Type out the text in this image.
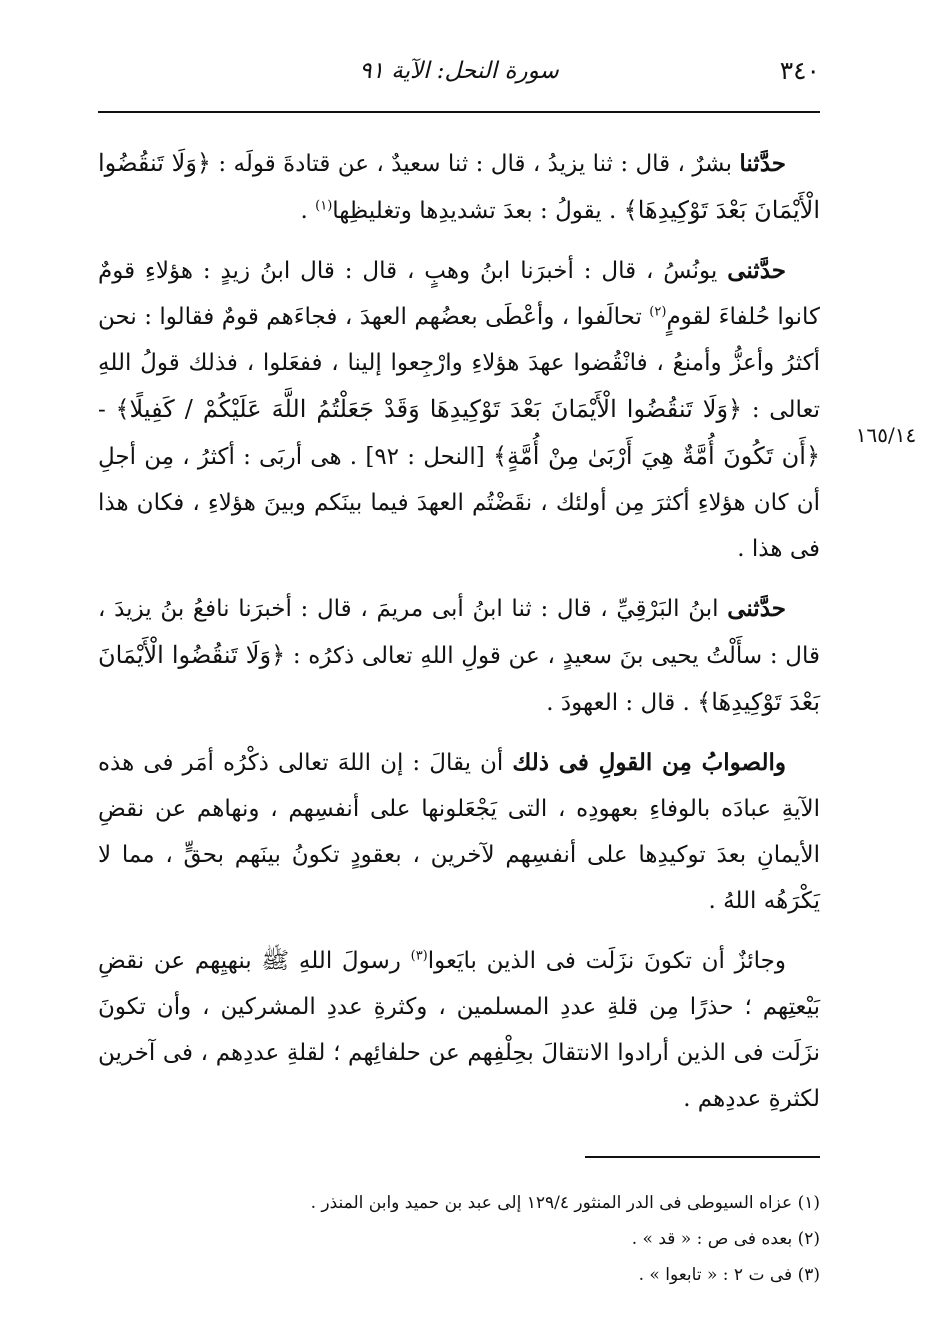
٣٤٠
سورة النحل: الآية ٩١
١٦٥/١٤

حدَّثنا بشرٌ ، قال : ثنا يزيدُ ، قال : ثنا سعيدٌ ، عن قتادةَ قولَه : ﴿وَلَا تَنقُضُوا الْأَيْمَانَ بَعْدَ تَوْكِيدِهَا﴾ . يقولُ : بعدَ تشديدِها وتغليظِها$^{(١)}$ .

حدَّثنى يونُسُ ، قال : أخبرَنا ابنُ وهبٍ ، قال : قال ابنُ زيدٍ : هؤلاءِ قومٌ كانوا حُلفاءَ لقومٍ$^{(٢)}$ تحالَفوا ، وأعْطَى بعضُهم العهدَ ، فجاءَهم قومٌ فقالوا : نحن أكثرُ وأعزُّ وأمنعُ ، فانْقُضوا عهدَ هؤلاءِ وارْجِعوا إلينا ، ففعَلوا ، فذلك قولُ اللهِ تعالى : ﴿وَلَا تَنقُضُوا الْأَيْمَانَ بَعْدَ تَوْكِيدِهَا وَقَدْ جَعَلْتُمُ اللَّهَ عَلَيْكُمْ / كَفِيلًا﴾ - ﴿أَن تَكُونَ أُمَّةٌ هِيَ أَرْبَىٰ مِنْ أُمَّةٍ﴾ [النحل : ٩٢] . هى أربَى : أكثرُ ، مِن أجلِ أن كان هؤلاءِ أكثرَ مِن أولئك ، نقَضْتُم العهدَ فيما بينَكم وبينَ هؤلاءِ ، فكان هذا فى هذا .

حدَّثنى ابنُ البَرْقِيِّ ، قال : ثنا ابنُ أبى مريمَ ، قال : أخبرَنا نافعُ بنُ يزيدَ ، قال : سأَلْتُ يحيى بنَ سعيدٍ ، عن قولِ اللهِ تعالى ذكرُه : ﴿وَلَا تَنقُضُوا الْأَيْمَانَ بَعْدَ تَوْكِيدِهَا﴾ . قال : العهودَ .

والصوابُ مِن القولِ فى ذلك أن يقالَ : إن اللهَ تعالى ذكْرُه أمَر فى هذه الآيةِ عبادَه بالوفاءِ بعهودِه ، التى يَجْعَلونها على أنفسِهم ، ونهاهم عن نقضِ الأيمانِ بعدَ توكيدِها على أنفسِهم لآخرين ، بعقودٍ تكونُ بينَهم بحقٍّ ، مما لا يَكْرَهُه اللهُ .

وجائزٌ أن تكونَ نزَلَت فى الذين بايَعوا$^{(٣)}$ رسولَ اللهِ ﷺ بنهيِهم عن نقضِ بَيْعتِهم ؛ حذرًا مِن قلةِ عددِ المسلمين ، وكثرةِ عددِ المشركين ، وأن تكونَ نزَلَت فى الذين أرادوا الانتقالَ بحِلْفِهم عن حلفائِهم ؛ لقلةِ عددِهم ، فى آخرين لكثرةِ عددِهم .

(١) عزاه السيوطى فى الدر المنثور ١٢٩/٤ إلى عبد بن حميد وابن المنذر .

(٢) بعده فى ص : « قد » .

(٣) فى ت ٢ : « تابعوا » .
